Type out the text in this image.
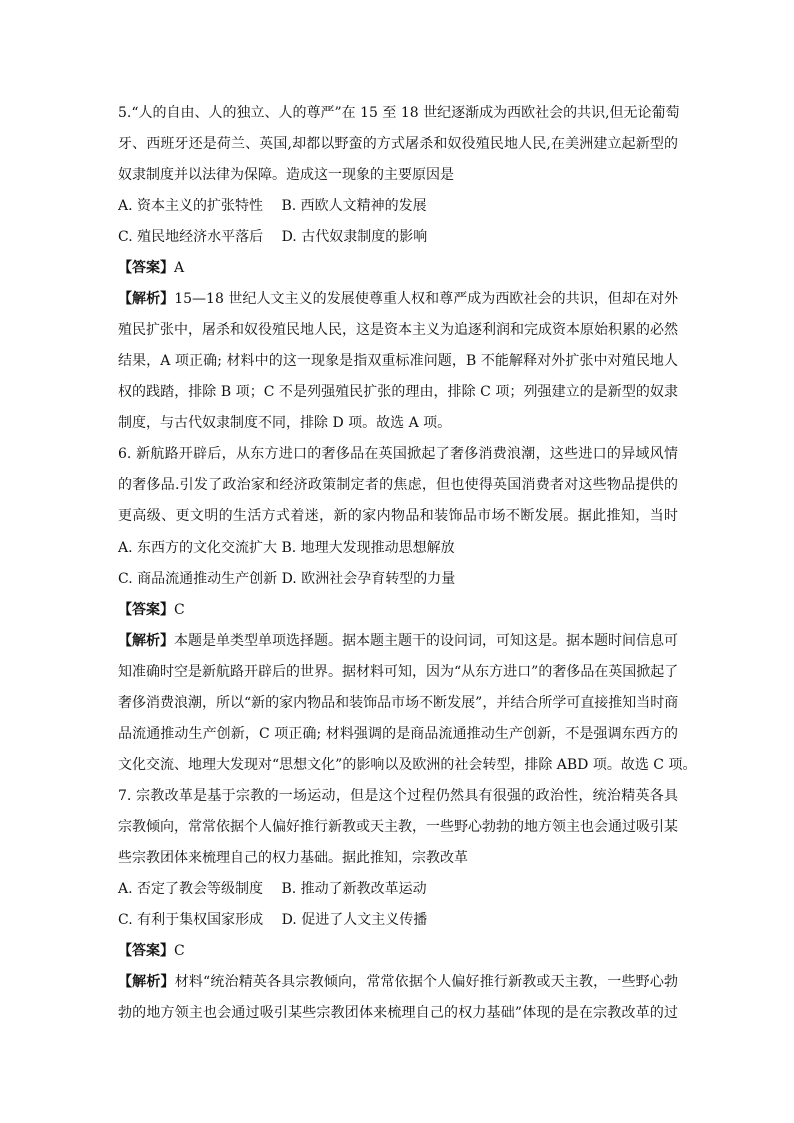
5.“人的自由、人的独立、人的尊严”在 15 至 18 世纪逐渐成为西欧社会的共识,但无论葡萄
牙、西班牙还是荷兰、英国,却都以野蛮的方式屠杀和奴役殖民地人民,在美洲建立起新型的
奴隶制度并以法律为保障。造成这一现象的主要原因是
A. 资本主义的扩张特性　 B. 西欧人文精神的发展
C. 殖民地经济水平落后　 D. 古代奴隶制度的影响
【答案】A
【解析】15—18 世纪人文主义的发展使尊重人权和尊严成为西欧社会的共识，但却在对外
殖民扩张中，屠杀和奴役殖民地人民，这是资本主义为追逐利润和完成资本原始积累的必然
结果，A 项正确; 材料中的这一现象是指双重标准问题，B 不能解释对外扩张中对殖民地人
权的践踏，排除 B 项；C 不是列强殖民扩张的理由，排除 C 项；列强建立的是新型的奴隶
制度，与古代奴隶制度不同，排除 D 项。故选 A 项。
6. 新航路开辟后，从东方进口的奢侈品在英国掀起了奢侈消费浪潮，这些进口的异域风情
的奢侈品.引发了政治家和经济政策制定者的焦虑，但也使得英国消费者对这些物品提供的
更高级、更文明的生活方式着迷，新的家内物品和装饰品市场不断发展。据此推知，当时
A. 东西方的文化交流扩大 B. 地理大发现推动思想解放
C. 商品流通推动生产创新 D. 欧洲社会孕育转型的力量
【答案】C
【解析】本题是单类型单项选择题。据本题主题干的设问词，可知这是。据本题时间信息可
知准确时空是新航路开辟后的世界。据材料可知，因为“从东方进口”的奢侈品在英国掀起了
奢侈消费浪潮，所以“新的家内物品和装饰品市场不断发展”，并结合所学可直接推知当时商
品流通推动生产创新，C 项正确; 材料强调的是商品流通推动生产创新，不是强调东西方的
文化交流、地理大发现对“思想文化”的影响以及欧洲的社会转型，排除 ABD 项。故选 C 项。
7. 宗教改革是基于宗教的一场运动，但是这个过程仍然具有很强的政治性，统治精英各具
宗教倾向，常常依据个人偏好推行新教或天主教，一些野心勃勃的地方领主也会通过吸引某
些宗教团体来梳理自己的权力基础。据此推知，宗教改革
A. 否定了教会等级制度　 B. 推动了新教改革运动
C. 有利于集权国家形成　 D. 促进了人文主义传播
【答案】C
【解析】材料“统治精英各具宗教倾向，常常依据个人偏好推行新教或天主教，一些野心勃
勃的地方领主也会通过吸引某些宗教团体来梳理自己的权力基础”体现的是在宗教改革的过
